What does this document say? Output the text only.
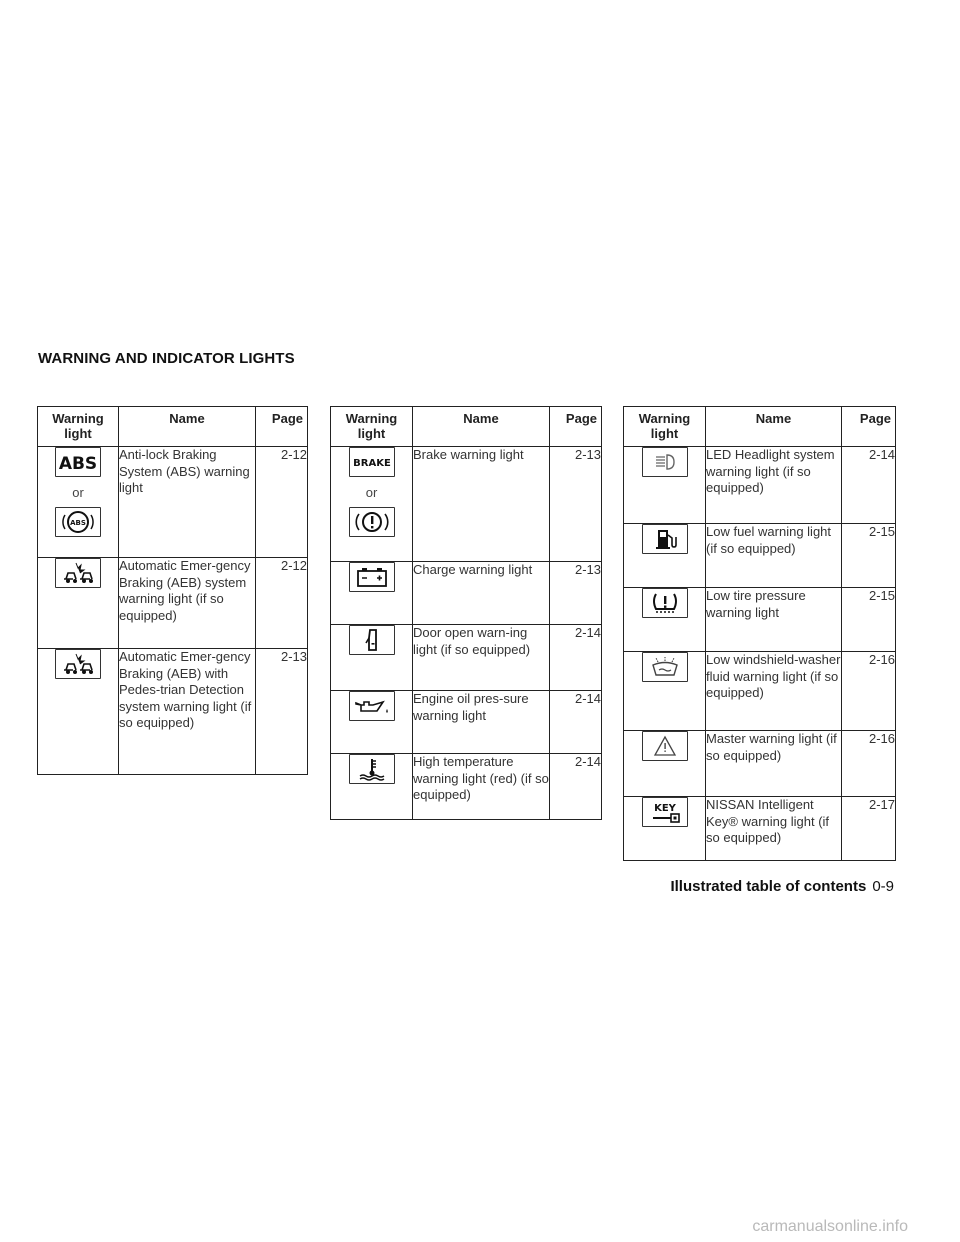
WARNING AND INDICATOR LIGHTS
Warning light	Name	Page

ABS
or
ABS	Anti-lock Braking System (ABS) warning light	2-12

	Automatic Emer-gency Braking (AEB) system warning light (if so equipped)	2-12

	Automatic Emer-gency Braking (AEB) with Pedes-trian Detection system warning light (if so equipped)	2-13
Warning light	Name	Page

BRAKE
or	Brake warning light	2-13

	Charge warning light	2-13

	Door open warn-ing light (if so equipped)	2-14

	Engine oil pres-sure warning light	2-14

	High temperature warning light (red) (if so equipped)	2-14
Warning light	Name	Page

	LED Headlight system warning light (if so equipped)	2-14

	Low fuel warning light (if so equipped)	2-15

	Low tire pressure warning light	2-15

	Low windshield-washer fluid warning light (if so equipped)	2-16

	Master warning light (if so equipped)	2-16

KEY	NISSAN Intelligent Key® warning light (if so equipped)	2-17
Illustrated table of contents 0-9
carmanualsonline.info
